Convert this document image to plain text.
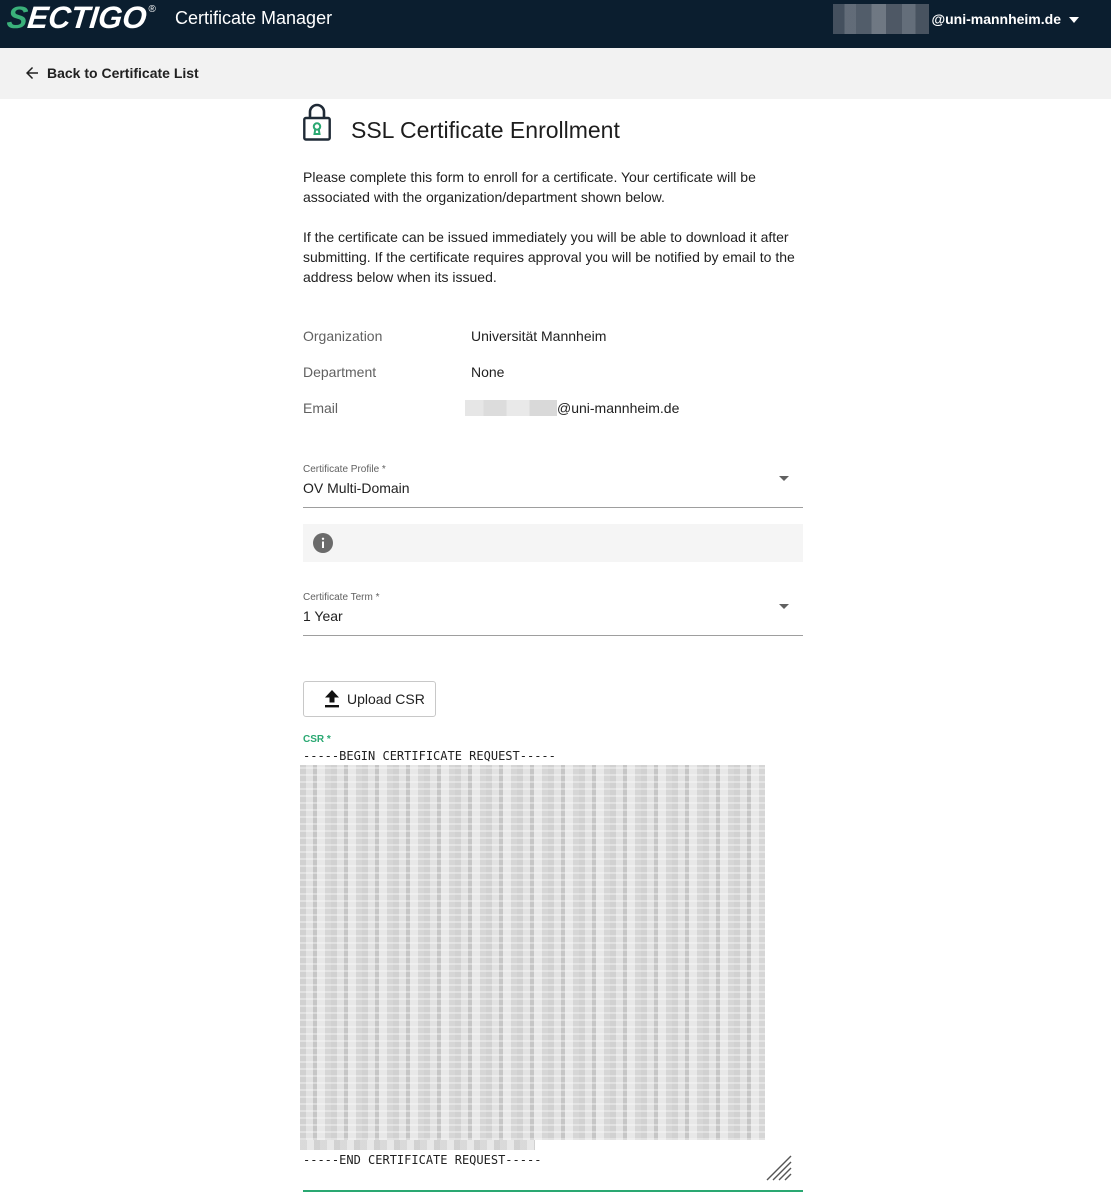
SECTIGO ® Certificate Manager	@uni-mannheim.de
Back to Certificate List
SSL Certificate Enrollment

Please complete this form to enroll for a certificate. Your certificate will be associated with the organization/department shown below.

If the certificate can be issued immediately you will be able to download it after submitting. If the certificate requires approval you will be notified by email to the address below when its issued.

Organization	Universität Mannheim
Department	None
Email	@uni-mannheim.de
Certificate Profile *
OV Multi-Domain
Certificate Term *
1 Year
Upload CSR
CSR *
-----BEGIN CERTIFICATE REQUEST-----
-----END CERTIFICATE REQUEST-----
